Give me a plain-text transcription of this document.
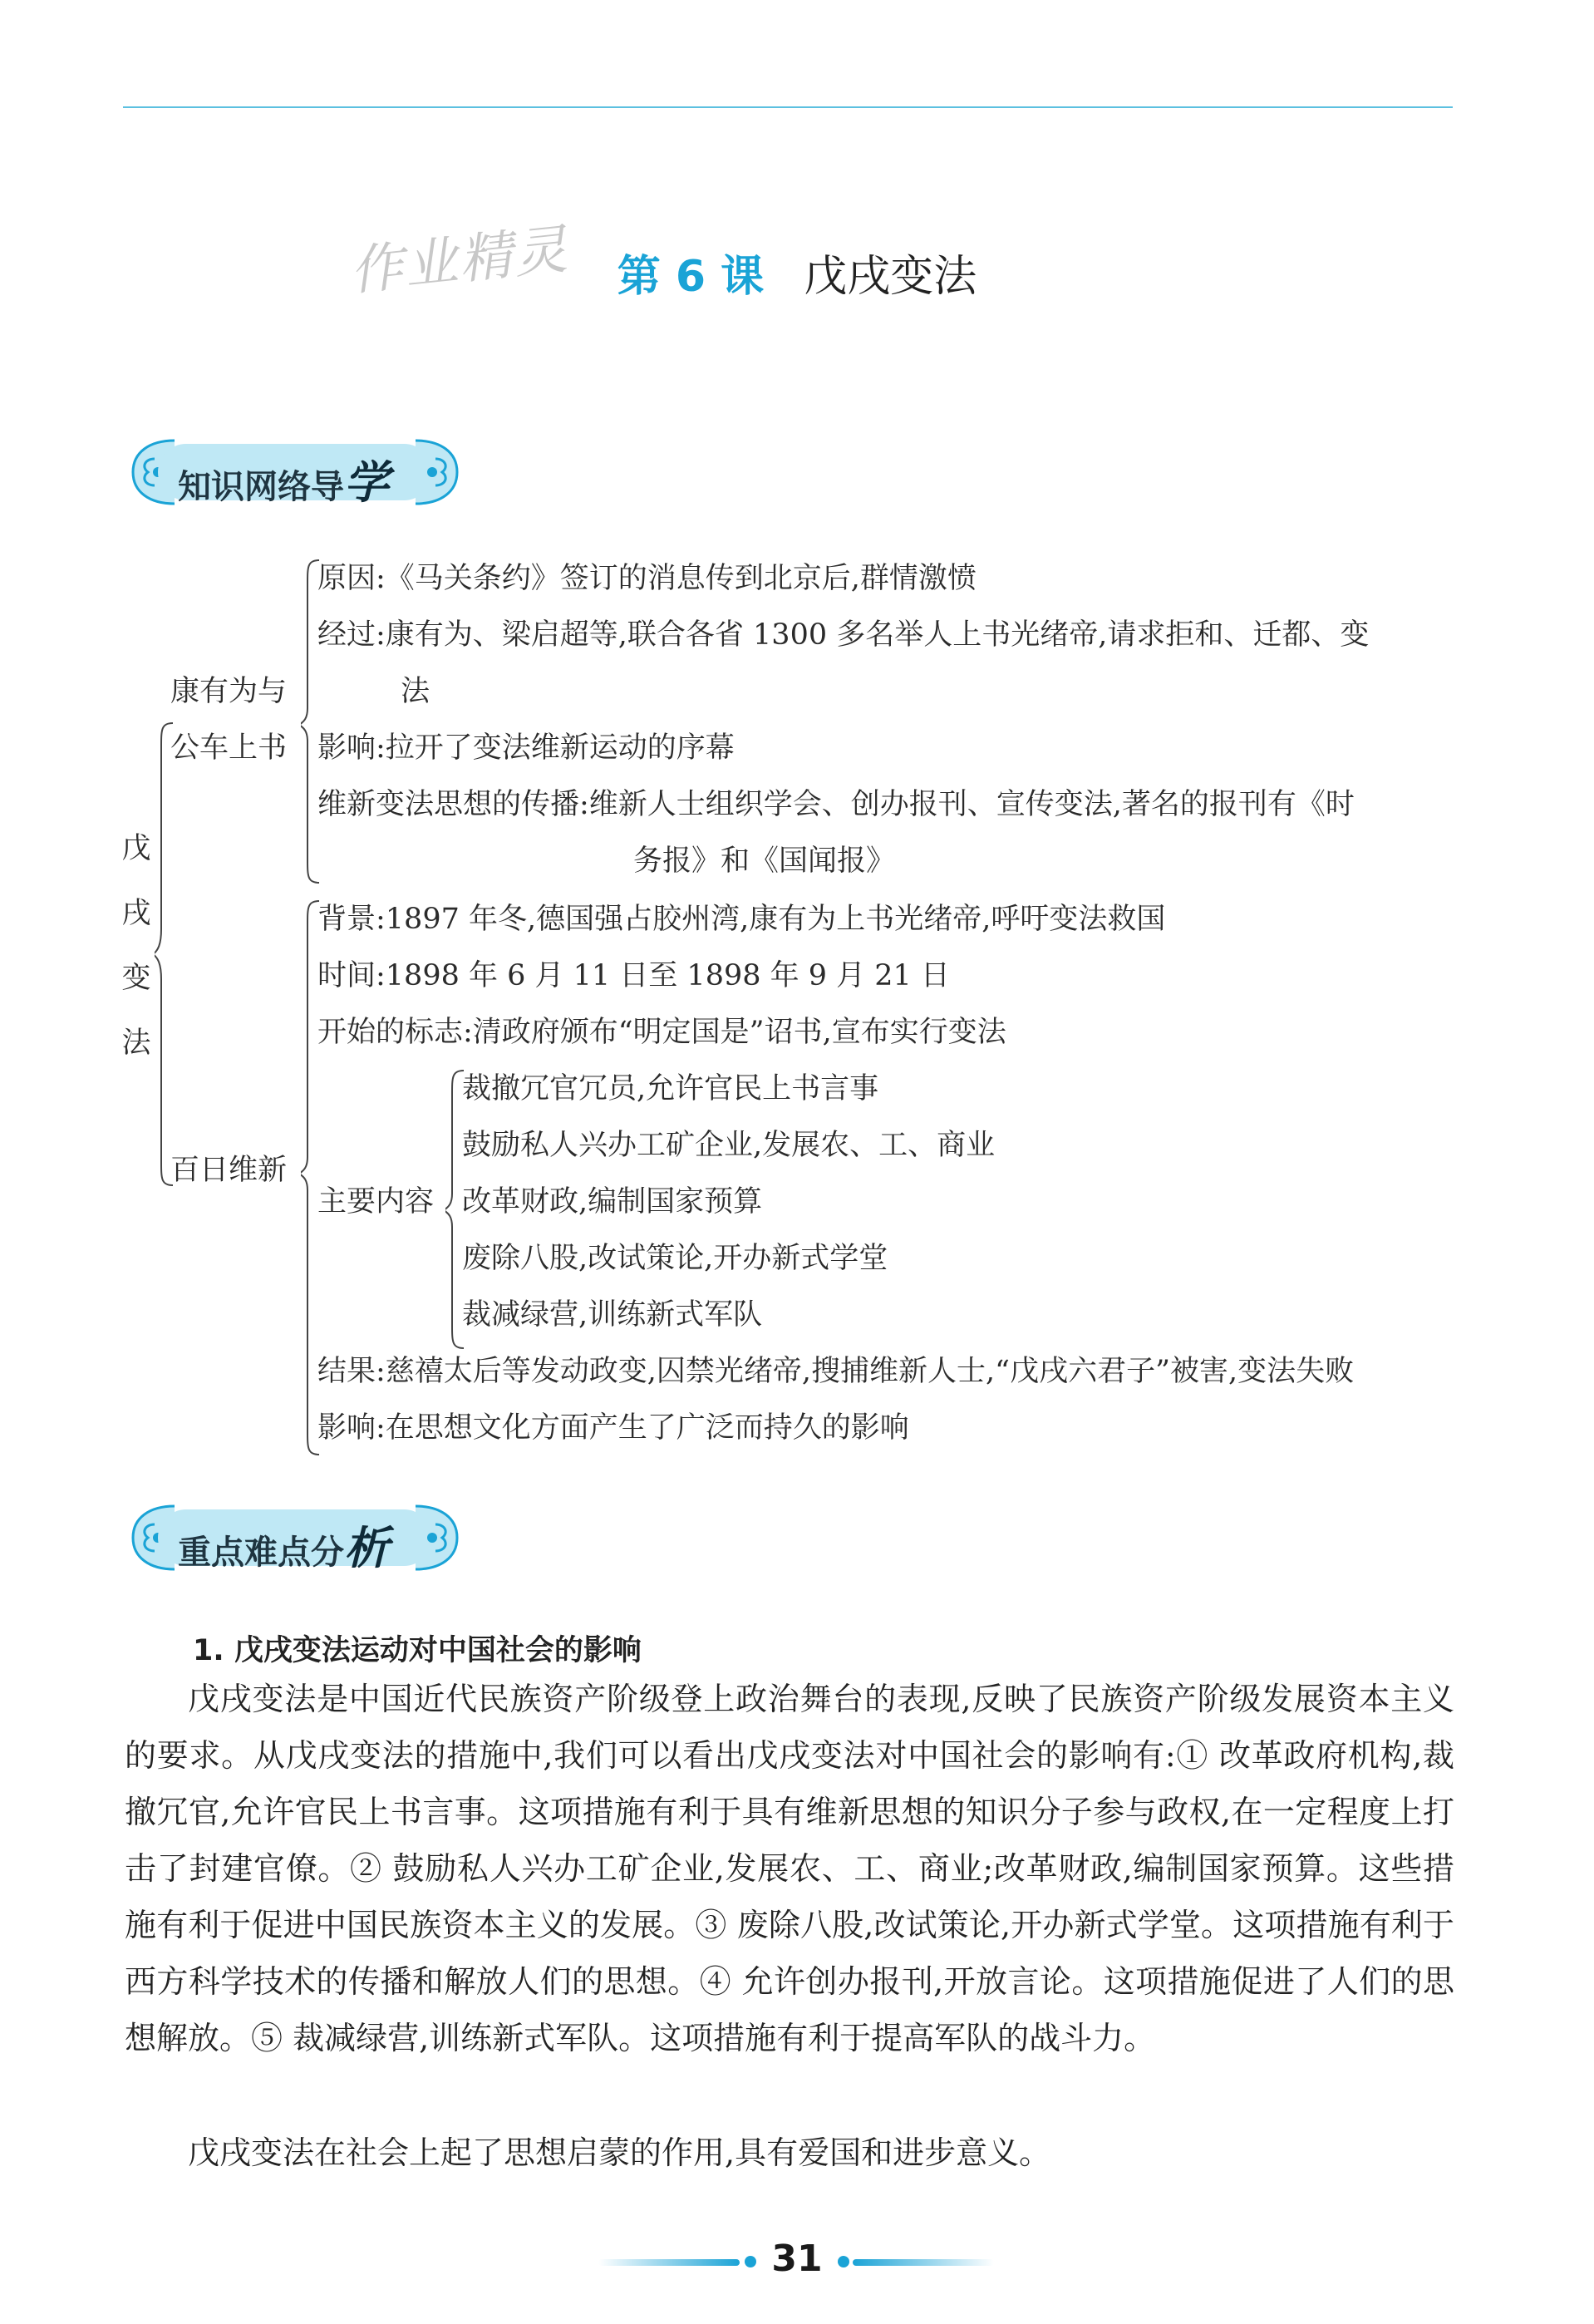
作业精灵	第 6 课 戊戌变法
知识网络导学
戊
戌
变
法
康有为与
公车上书
原因:《马关条约》签订的消息传到北京后,群情激愤
经过:康有为、梁启超等,联合各省 1300 多名举人上书光绪帝,请求拒和、迁都、变
法
影响:拉开了变法维新运动的序幕
维新变法思想的传播:维新人士组织学会、创办报刊、宣传变法,著名的报刊有《时
务报》和《国闻报》
百日维新
背景:1897 年冬,德国强占胶州湾,康有为上书光绪帝,呼吁变法救国
时间:1898 年 6 月 11 日至 1898 年 9 月 21 日
开始的标志:清政府颁布“明定国是”诏书,宣布实行变法
主要内容
裁撤冗官冗员,允许官民上书言事
鼓励私人兴办工矿企业,发展农、工、商业
改革财政,编制国家预算
废除八股,改试策论,开办新式学堂
裁减绿营,训练新式军队
结果:慈禧太后等发动政变,囚禁光绪帝,搜捕维新人士,“戊戌六君子”被害,变法失败
影响:在思想文化方面产生了广泛而持久的影响
重点难点分析
1. 戊戌变法运动对中国社会的影响
戊戌变法是中国近代民族资产阶级登上政治舞台的表现,反映了民族资产阶级发展资本主义的要求。从戊戌变法的措施中,我们可以看出戊戌变法对中国社会的影响有:① 改革政府机构,裁撤冗官,允许官民上书言事。这项措施有利于具有维新思想的知识分子参与政权,在一定程度上打击了封建官僚。② 鼓励私人兴办工矿企业,发展农、工、商业;改革财政,编制国家预算。这些措施有利于促进中国民族资本主义的发展。③ 废除八股,改试策论,开办新式学堂。这项措施有利于西方科学技术的传播和解放人们的思想。④ 允许创办报刊,开放言论。这项措施促进了人们的思想解放。⑤ 裁减绿营,训练新式军队。这项措施有利于提高军队的战斗力。
戊戌变法在社会上起了思想启蒙的作用,具有爱国和进步意义。
31
